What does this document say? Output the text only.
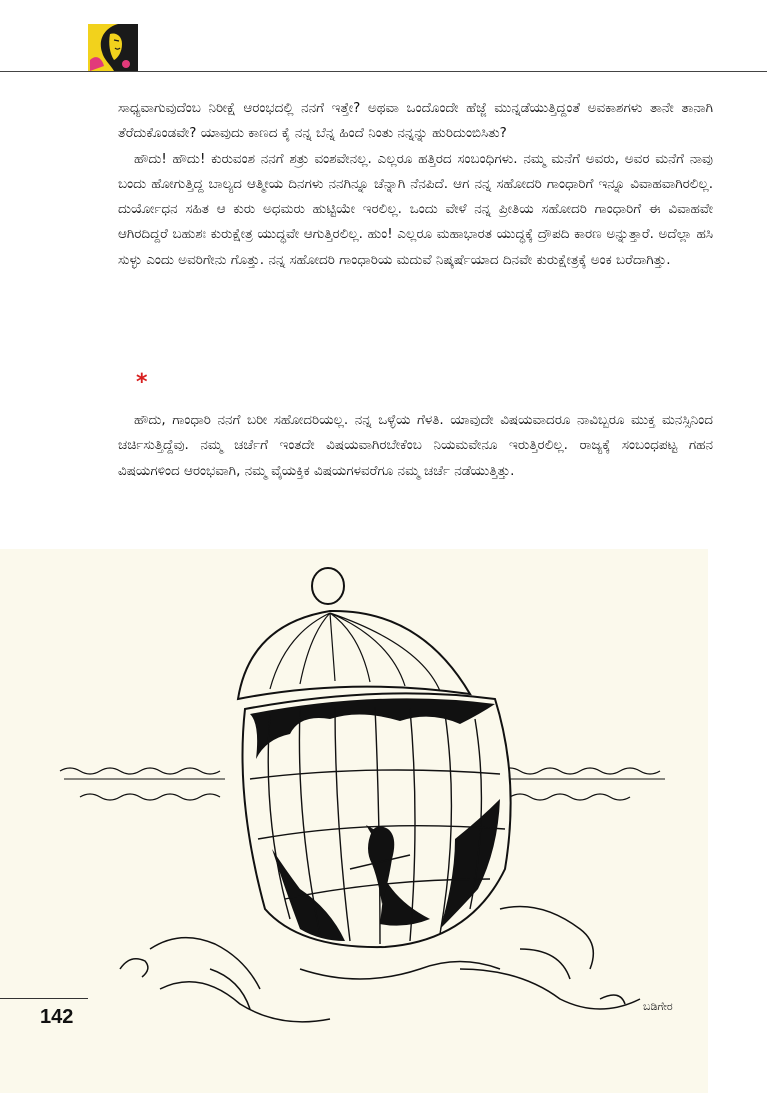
ಸಾಧ್ಯವಾಗುವುದೆಂಬ ನಿರೀಕ್ಷೆ ಆರಂಭದಲ್ಲಿ ನನಗೆ ಇತ್ತೇ? ಅಥವಾ ಒಂದೊಂದೇ ಹೆಜ್ಜೆ ಮುನ್ನಡೆಯುತ್ತಿದ್ದಂತೆ ಅವಕಾಶಗಳು ತಾನೇ ತಾನಾಗಿ ತೆರೆದುಕೊಂಡವೇ? ಯಾವುದು ಕಾಣದ ಕೈ ನನ್ನ ಬೆನ್ನ ಹಿಂದೆ ನಿಂತು ನನ್ನನ್ನು ಹುರಿದುಂಬಿಸಿತು?

ಹೌದು! ಹೌದು! ಕುರುವಂಶ ನನಗೆ ಶತ್ರು ವಂಶವೇನಲ್ಲ. ಎಲ್ಲರೂ ಹತ್ತಿರದ ಸಂಬಂಧಿಗಳು. ನಮ್ಮ ಮನೆಗೆ ಅವರು, ಅವರ ಮನೆಗೆ ನಾವು ಬಂದು ಹೋಗುತ್ತಿದ್ದ ಬಾಲ್ಯದ ಆತ್ಮೀಯ ದಿನಗಳು ನನಗಿನ್ನೂ ಚೆನ್ನಾಗಿ ನೆನಪಿದೆ. ಆಗ ನನ್ನ ಸಹೋದರಿ ಗಾಂಧಾರಿಗೆ ಇನ್ನೂ ವಿವಾಹವಾಗಿರಲಿಲ್ಲ. ದುರ್ಯೋಧನ ಸಹಿತ ಆ ಕುರು ಅಧಮರು ಹುಟ್ಟಿಯೇ ಇರಲಿಲ್ಲ. ಒಂದು ವೇಳೆ ನನ್ನ ಪ್ರೀತಿಯ ಸಹೋದರಿ ಗಾಂಧಾರಿಗೆ ಈ ವಿವಾಹವೇ ಆಗಿರದಿದ್ದರೆ ಬಹುಶಃ ಕುರುಕ್ಷೇತ್ರ ಯುದ್ಧವೇ ಆಗುತ್ತಿರಲಿಲ್ಲ. ಹುಂ! ಎಲ್ಲರೂ ಮಹಾಭಾರತ ಯುದ್ಧಕ್ಕೆ ದ್ರೌಪದಿ ಕಾರಣ ಅನ್ನುತ್ತಾರೆ. ಅದೆಲ್ಲಾ ಹಸಿ ಸುಳ್ಳು ಎಂದು ಅವರಿಗೇನು ಗೊತ್ತು. ನನ್ನ ಸಹೋದರಿ ಗಾಂಧಾರಿಯ ಮದುವೆ ನಿಷ್ಕರ್ಷೆಯಾದ ದಿನವೇ ಕುರುಕ್ಷೇತ್ರಕ್ಕೆ ಅಂಕ ಬರೆದಾಗಿತ್ತು.

*

ಹೌದು, ಗಾಂಧಾರಿ ನನಗೆ ಬರೀ ಸಹೋದರಿಯಲ್ಲ. ನನ್ನ ಒಳ್ಳೆಯ ಗೆಳತಿ. ಯಾವುದೇ ವಿಷಯವಾದರೂ ನಾವಿಬ್ಬರೂ ಮುಕ್ತ ಮನಸ್ಸಿನಿಂದ ಚರ್ಚಿಸುತ್ತಿದ್ದೆವು. ನಮ್ಮ ಚರ್ಚೆಗೆ ಇಂತದೇ ವಿಷಯವಾಗಿರಬೇಕೆಂಬ ನಿಯಮವೇನೂ ಇರುತ್ತಿರಲಿಲ್ಲ. ರಾಜ್ಯಕ್ಕೆ ಸಂಬಂಧಪಟ್ಟ ಗಹನ ವಿಷಯಗಳಿಂದ ಆರಂಭವಾಗಿ, ನಮ್ಮ ವೈಯಕ್ತಿಕ ವಿಷಯಗಳವರೆಗೂ ನಮ್ಮ ಚರ್ಚೆ ನಡೆಯುತ್ತಿತ್ತು.

ಬಡಿಗೇರ
142
